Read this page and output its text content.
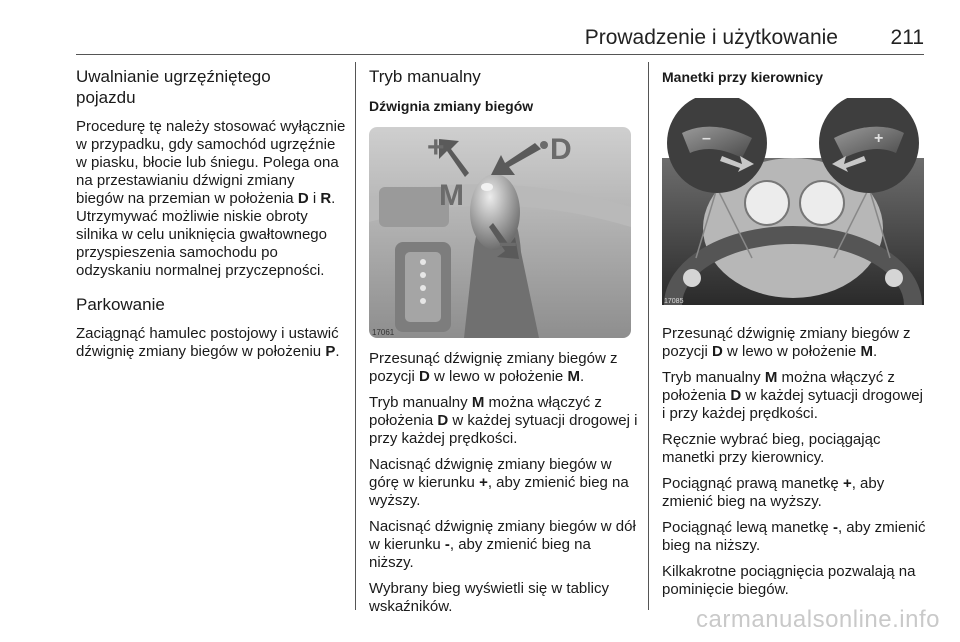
Prowadzenie i użytkowanie	211
Uwalnianie ugrzęźniętego pojazdu

Procedurę tę należy stosować wyłącznie w przypadku, gdy samochód ugrzęźnie w piasku, błocie lub śniegu. Polega ona na przestawianiu dźwigni zmiany biegów na przemian w położenia D i R. Utrzymywać możliwie niskie obroty silnika w celu uniknięcia gwałtownego przyspieszenia samochodu po odzyskaniu normalnej przyczepności.

Parkowanie

Zaciągnąć hamulec postojowy i ustawić dźwignię zmiany biegów w położeniu P.

Tryb manualny
Dźwignia zmiany biegów
+	D
M
–
17061

Przesunąć dźwignię zmiany biegów z pozycji D w lewo w położenie M.

Tryb manualny M można włączyć z położenia D w każdej sytuacji drogowej i przy każdej prędkości.

Nacisnąć dźwignię zmiany biegów w górę w kierunku +, aby zmienić bieg na wyższy.

Nacisnąć dźwignię zmiany biegów w dół w kierunku -, aby zmienić bieg na niższy.

Wybrany bieg wyświetli się w tablicy wskaźników.

Manetki przy kierownicy
–	+
17085

Przesunąć dźwignię zmiany biegów z pozycji D w lewo w położenie M.

Tryb manualny M można włączyć z położenia D w każdej sytuacji drogowej i przy każdej prędkości.

Ręcznie wybrać bieg, pociągając manetki przy kierownicy.

Pociągnąć prawą manetkę +, aby zmienić bieg na wyższy.

Pociągnąć lewą manetkę -, aby zmienić bieg na niższy.

Kilkakrotne pociągnięcia pozwalają na pominięcie biegów.

carmanualsonline.info
